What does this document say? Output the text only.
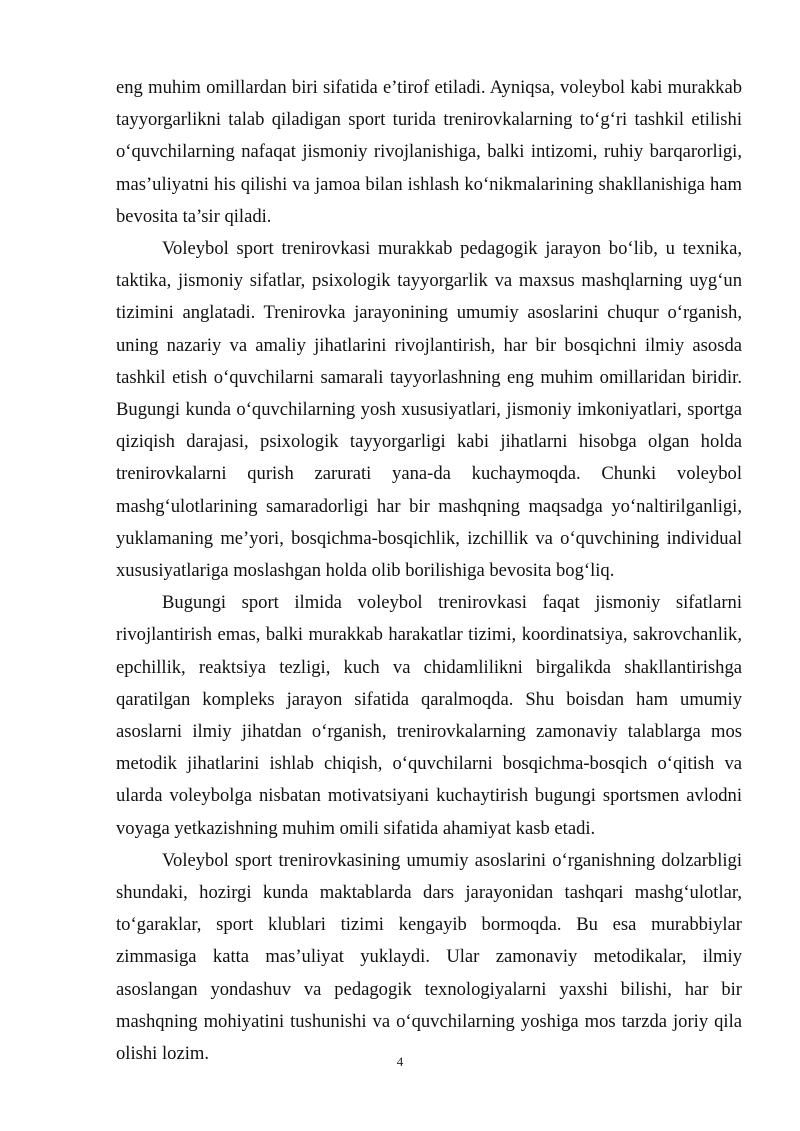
eng muhim omillardan biri sifatida e’tirof etiladi. Ayniqsa, voleybol kabi murakkab tayyorgarlikni talab qiladigan sport turida trenirovkalarning to‘g‘ri tashkil etilishi o‘quvchilarning nafaqat jismoniy rivojlanishiga, balki intizomi, ruhiy barqarorligi, mas’uliyatni his qilishi va jamoa bilan ishlash ko‘nikmalarining shakllanishiga ham bevosita ta’sir qiladi.

Voleybol sport trenirovkasi murakkab pedagogik jarayon bo‘lib, u texnika, taktika, jismoniy sifatlar, psixologik tayyorgarlik va maxsus mashqlarning uyg‘un tizimini anglatadi. Trenirovka jarayonining umumiy asoslarini chuqur o‘rganish, uning nazariy va amaliy jihatlarini rivojlantirish, har bir bosqichni ilmiy asosda tashkil etish o‘quvchilarni samarali tayyorlashning eng muhim omillaridan biridir. Bugungi kunda o‘quvchilarning yosh xususiyatlari, jismoniy imkoniyatlari, sportga qiziqish darajasi, psixologik tayyorgarligi kabi jihatlarni hisobga olgan holda trenirovkalarni qurish zarurati yana-da kuchaymoqda. Chunki voleybol mashg‘ulotlarining samaradorligi har bir mashqning maqsadga yo‘naltirilganligi, yuklamaning me’yori, bosqichma-bosqichlik, izchillik va o‘quvchining individual xususiyatlariga moslashgan holda olib borilishiga bevosita bog‘liq.

Bugungi sport ilmida voleybol trenirovkasi faqat jismoniy sifatlarni rivojlantirish emas, balki murakkab harakatlar tizimi, koordinatsiya, sakrovchanlik, epchillik, reaktsiya tezligi, kuch va chidamlilikni birgalikda shakllantirishga qaratilgan kompleks jarayon sifatida qaralmoqda. Shu boisdan ham umumiy asoslarni ilmiy jihatdan o‘rganish, trenirovkalarning zamonaviy talablarga mos metodik jihatlarini ishlab chiqish, o‘quvchilarni bosqichma-bosqich o‘qitish va ularda voleybolga nisbatan motivatsiyani kuchaytirish bugungi sportsmen avlodni voyaga yetkazishning muhim omili sifatida ahamiyat kasb etadi.

Voleybol sport trenirovkasining umumiy asoslarini o‘rganishning dolzarbligi shundaki, hozirgi kunda maktablarda dars jarayonidan tashqari mashg‘ulotlar, to‘garaklar, sport klublari tizimi kengayib bormoqda. Bu esa murabbiylar zimmasiga katta mas’uliyat yuklaydi. Ular zamonaviy metodikalar, ilmiy asoslangan yondashuv va pedagogik texnologiyalarni yaxshi bilishi, har bir mashqning mohiyatini tushunishi va o‘quvchilarning yoshiga mos tarzda joriy qila olishi lozim.	4
